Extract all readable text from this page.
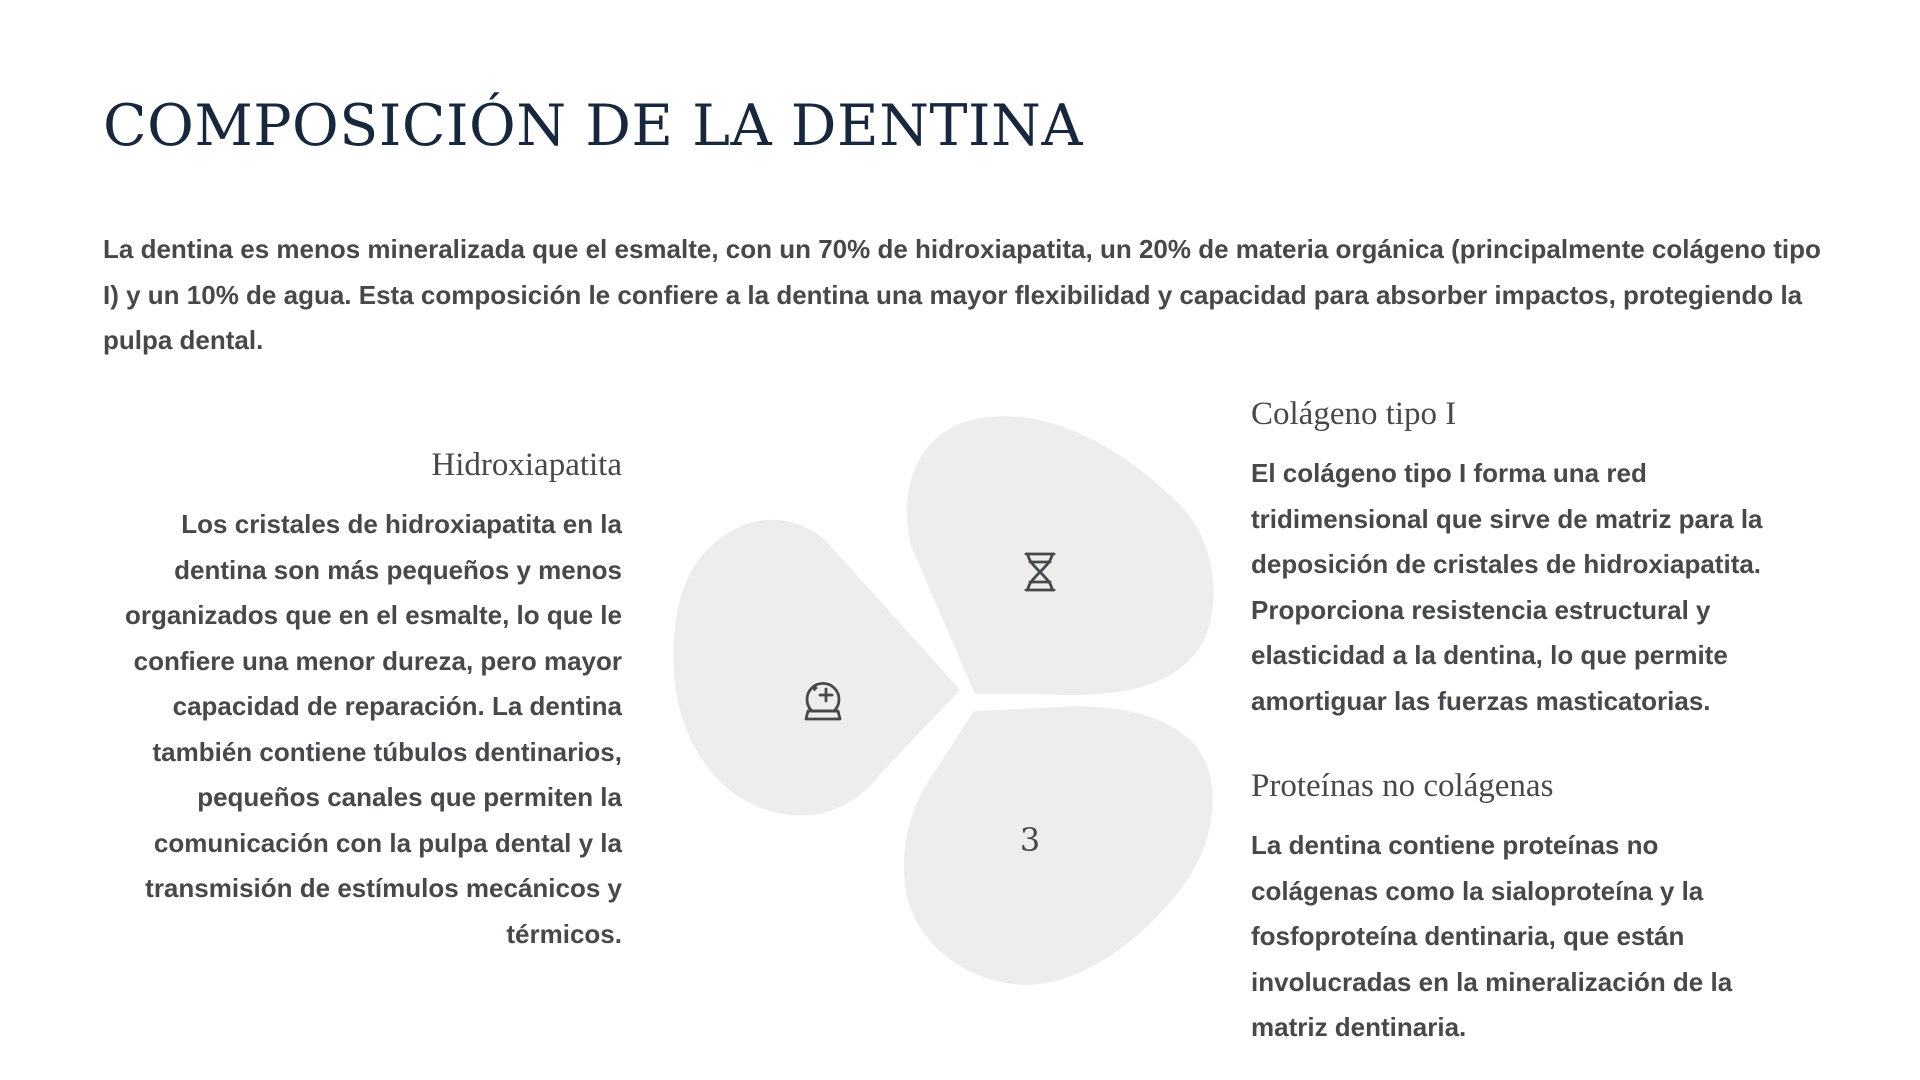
COMPOSICIÓN DE LA DENTINA

La dentina es menos mineralizada que el esmalte, con un 70% de hidroxiapatita, un 20% de materia orgánica (principalmente colágeno tipo I) y un 10% de agua. Esta composición le confiere a la dentina una mayor flexibilidad y capacidad para absorber impactos, protegiendo la pulpa dental.

Hidroxiapatita

Los cristales de hidroxiapatita en la dentina son más pequeños y menos organizados que en el esmalte, lo que le confiere una menor dureza, pero mayor capacidad de reparación. La dentina también contiene túbulos dentinarios, pequeños canales que permiten la comunicación con la pulpa dental y la transmisión de estímulos mecánicos y térmicos.

3

Colágeno tipo I

El colágeno tipo I forma una red tridimensional que sirve de matriz para la deposición de cristales de hidroxiapatita. Proporciona resistencia estructural y elasticidad a la dentina, lo que permite amortiguar las fuerzas masticatorias.

Proteínas no colágenas

La dentina contiene proteínas no colágenas como la sialoproteína y la fosfoproteína dentinaria, que están involucradas en la mineralización de la matriz dentinaria.
